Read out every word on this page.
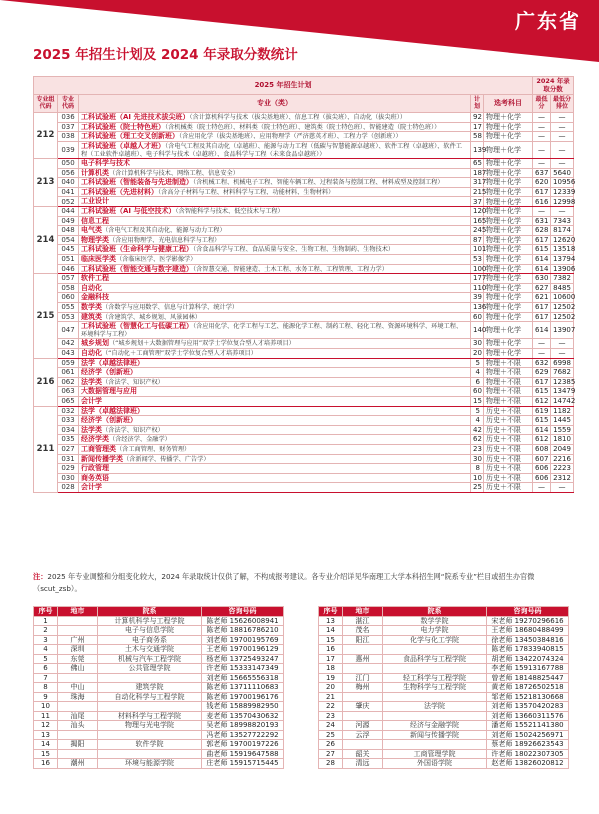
广东省
2025 年招生计划及 2024 年录取分数统计
2025 年招生计划					2024 年录取分数	
专业组代码	专业代码	专业（类）	计划	选考科目	最低分	最低分排位
212	036	工科试验班（AI 先进技术拔尖班）（含计算机科学与技术（拔尖基地班）、信息工程（拔尖班）、自动化（拔尖班））	92	物理＋化学	—	—
	037	工科试验班（院士特色班）（含机械类（院士特色班）、材料类（院士特色班）、建筑类（院士特色班）、智能建造（院士特色班））	17	物理＋化学	—	—
	038	工科试验班（理工交叉创新班）（含应用化学（拔尖基地班）、应用物理学（严济慈英才班）、工程力学（创新班））	58	物理＋化学	—	—
	039	工科试验班（卓越人才班）（含电气工程及其自动化（卓越班）、能源与动力工程（低碳与智慧能源卓越班）、软件工程（卓越班）、软件工程（工业软件卓越班）、电子科学与技术（卓越班）、食品科学与工程（未来食品卓越班））	139	物理＋化学	—	—
213	050	电子科学与技术	65	物理＋化学	—	—
	056	计算机类（含计算机科学与技术、网络工程、信息安全）	187	物理＋化学	637	5640
	040	工科试验班（智能装备与先进制造）（含机械工程、机械电子工程、智能车辆工程、过程装备与控制工程、材料成型及控制工程）	317	物理＋化学	620	10956
	041	工科试验班（先进材料）（含高分子材料与工程、材料科学与工程、功能材料、生物材料）	215	物理＋化学	617	12339
	052	工业设计	37	物理＋化学	616	12998
214	044	工科试验班（AI 与低空技术）（含智能科学与技术、低空技术与工程）	120	物理＋化学	—	—
	049	信息工程	165	物理＋化学	631	7343
	048	电气类（含电气工程及其自动化、能源与动力工程）	245	物理＋化学	628	8174
	054	物理学类（含应用物理学、光电信息科学与工程）	87	物理＋化学	617	12620
	045	工科试验班（生命科学与健康工程）（含食品科学与工程、食品质量与安全、生物工程、生物制药、生物技术）	101	物理＋化学	615	13518
	051	临床医学类（含临床医学、医学影像学）	53	物理＋化学	614	13794
	046	工科试验班（智能交通与数字建造）（含智慧交通、智能建造、土木工程、水务工程、工程管理、工程力学）	100	物理＋化学	614	13906
215	057	软件工程	177	物理＋化学	630	7382
	058	自动化	110	物理＋化学	627	8485
	060	金融科技	39	物理＋化学	621	10600
	055	数学类（含数学与应用数学、信息与计算科学、统计学）	136	物理＋化学	617	12502
	053	建筑类（含建筑学、城乡规划、风景园林）	60	物理＋化学	617	12502
	047	工科试验班（智慧化工与低碳工程）（含应用化学、化学工程与工艺、能源化学工程、制药工程、轻化工程、资源环境科学、环境工程、环境科学与工程）	140	物理＋化学	614	13907
	042	城乡规划（“城乡规划＋大数据管理与应用”双学士学位复合型人才培养项目）	30	物理＋化学	—	—
	043	自动化（“自动化＋工商管理”双学士学位复合型人才培养项目）	20	物理＋化学	—	—
216	059	法学（卓越法律班）	5	物理＋不限	632	6998
	061	经济学（创新班）	4	物理＋不限	629	7682
	062	法学类（含法学、知识产权）	6	物理＋不限	617	12385
	063	大数据管理与应用	60	物理＋不限	615	13479
	065	会计学	15	物理＋不限	612	14742
211	032	法学（卓越法律班）	5	历史＋不限	619	1182
	033	经济学（创新班）	4	历史＋不限	615	1445
	034	法学类（含法学、知识产权）	42	历史＋不限	614	1559
	035	经济学类（含经济学、金融学）	62	历史＋不限	612	1810
	027	工商管理类（含工商管理、财务管理）	23	历史＋不限	608	2049
	031	新闻传播学类（含新闻学、传播学、广告学）	30	历史＋不限	607	2216
	029	行政管理	8	历史＋不限	606	2223
	030	商务英语	10	历史＋不限	606	2312
	028	会计学	25	历史＋不限	—	—
注：2025 年专业调整和分组变化较大，2024 年录取统计仅供了解，不构成报考建议。各专业介绍详见华南理工大学本科招生网“院系专业”栏目或招生办官微（scut_zsb）。
序号	地市	院系	咨询号码
1		计算机科学与工程学院	陈老师 15626008941
2		电子与信息学院	陈老师 18816786210
3	广州	电子商务系	刘老师 19700195769
4	深圳	土木与交通学院	王老师 19700196129
5	东莞	机械与汽车工程学院	杨老师 13725493247
6	佛山	公共管理学院	许老师 15333147349
7			刘老师 15665556318
8	中山	建筑学院	陈老师 13711110683
9	珠海	自动化科学与工程学院	陈老师 19700196176
10			钱老师 15889982950
11	汕尾	材料科学与工程学院	麦老师 13570430632
12	汕头	物理与光电学院	吴老师 18998820193
13			冯老师 13527722292
14	揭阳	软件学院	郭老师 19700197226
15			曲老师 15919647588
16	潮州	环境与能源学院	庄老师 15915715445
序号	地市	院系	咨询号码
13	湛江	数学学院	宋老师 19270296616
14	茂名	电力学院	王老师 18680488499
15	阳江	化学与化工学院	徐老师 13450384816
16			陈老师 17833940815
17	惠州	食品科学与工程学院	胡老师 13422074324
18			李老师 15913167788
19	江门	轻工科学与工程学院	曾老师 18148825447
20	梅州	生物科学与工程学院	黄老师 18726502518
21			邹老师 15218130668
22	肇庆	法学院	刘老师 13570420283
23			刘老师 13660311576
24	河源	经济与金融学院	潘老师 15521141380
25	云浮	新闻与传播学院	刘老师 15024256971
26			蔡老师 18926623543
27	韶关	工商管理学院	许老师 18022307305
28	清远	外国语学院	赵老师 13826020812
